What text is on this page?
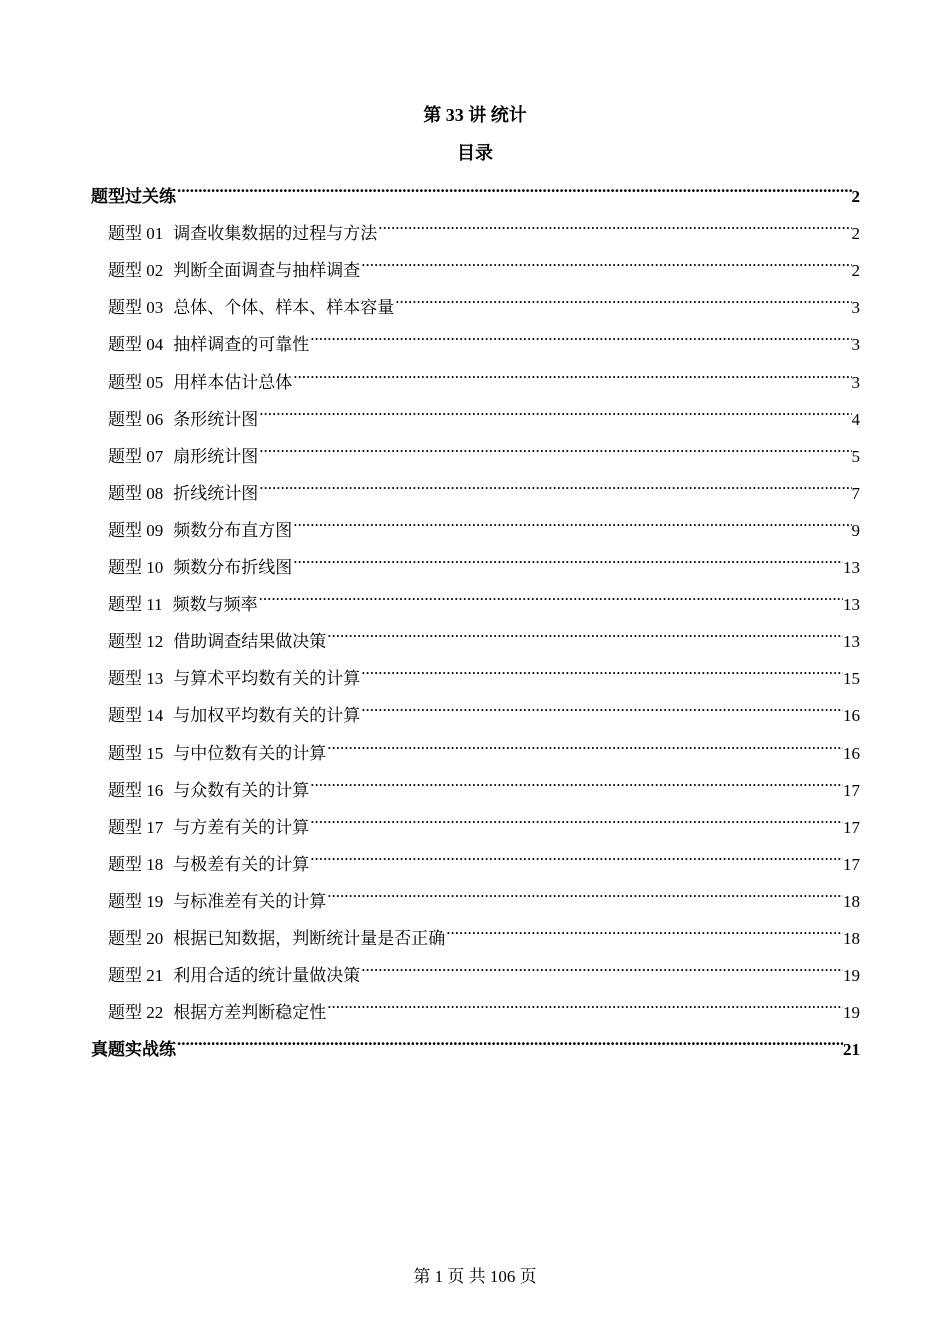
第 33 讲 统计
目录
题型过关练 .....	2
题型 01 调查收集数据的过程与方法 .....	2
题型 02 判断全面调查与抽样调查 .....	2
题型 03 总体、个体、样本、样本容量 .....	3
题型 04 抽样调查的可靠性 .....	3
题型 05 用样本估计总体 .....	3
题型 06 条形统计图 .....	4
题型 07 扇形统计图 .....	5
题型 08 折线统计图 .....	7
题型 09 频数分布直方图 .....	9
题型 10 频数分布折线图 .....	13
题型 11 频数与频率 .....	13
题型 12 借助调查结果做决策 .....	13
题型 13 与算术平均数有关的计算 .....	15
题型 14 与加权平均数有关的计算 .....	16
题型 15 与中位数有关的计算 .....	16
题型 16 与众数有关的计算 .....	17
题型 17 与方差有关的计算 .....	17
题型 18 与极差有关的计算 .....	17
题型 19 与标准差有关的计算 .....	18
题型 20 根据已知数据，判断统计量是否正确 .....	18
题型 21 利用合适的统计量做决策 .....	19
题型 22 根据方差判断稳定性 .....	19
真题实战练 .....	21
第 1 页 共 106 页
